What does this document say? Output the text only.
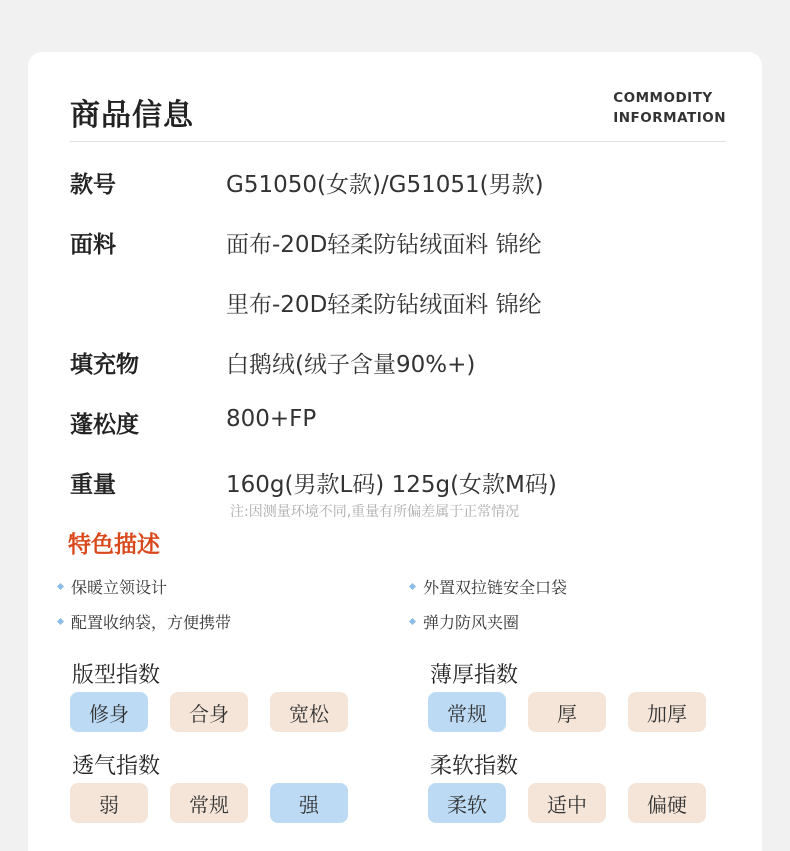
商品信息	COMMODITY
INFORMATION
款号	G51050(女款)/G51051(男款)
面料	面布-20D轻柔防钻绒面料 锦纶
里布-20D轻柔防钻绒面料 锦纶
填充物	白鹅绒(绒子含量90%+)
蓬松度	800+FP
重量	160g(男款L码) 125g(女款M码)
注:因测量环境不同,重量有所偏差属于正常情况
特色描述
保暖立领设计	外置双拉链安全口袋
配置收纳袋，方便携带	弹力防风夹圈
版型指数
修身	合身	宽松
薄厚指数
常规	厚	加厚
透气指数
弱	常规	强
柔软指数
柔软	适中	偏硬
